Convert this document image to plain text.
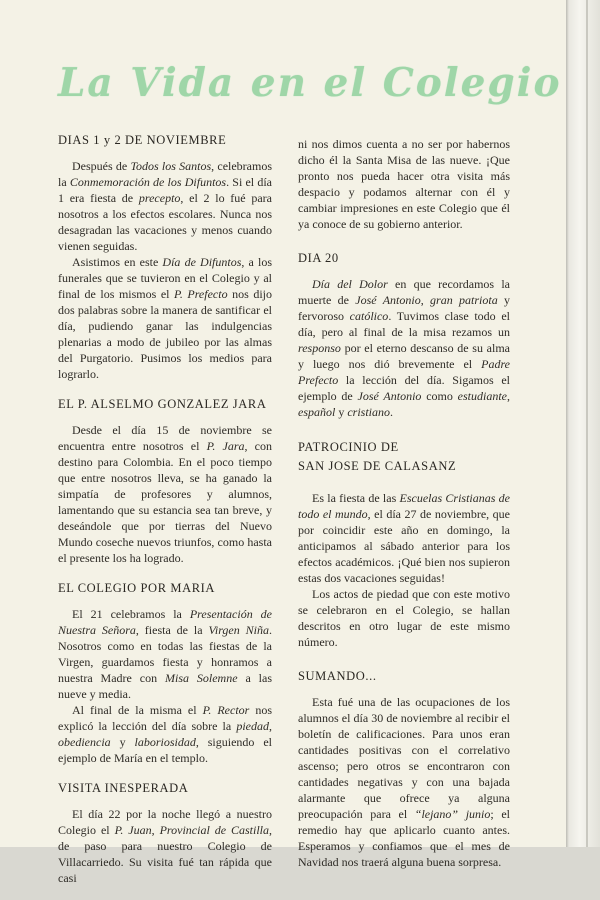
La Vida en el Colegio
DIAS 1 y 2 DE NOVIEMBRE

Después de Todos los Santos, celebramos la Conmemoración de los Difuntos. Si el día 1 era fiesta de precepto, el 2 lo fué para nosotros a los efectos escolares. Nunca nos desagradan las vacaciones y menos cuando vienen seguidas.

Asistimos en este Día de Difuntos, a los funerales que se tuvieron en el Colegio y al final de los mismos el P. Prefecto nos dijo dos palabras sobre la manera de santificar el día, pudiendo ganar las indulgencias plenarias a modo de jubileo por las almas del Purgatorio. Pusimos los medios para lograrlo.

EL P. ALSELMO GONZALEZ JARA

Desde el día 15 de noviembre se encuentra entre nosotros el P. Jara, con destino para Colombia. En el poco tiempo que entre nosotros lleva, se ha ganado la simpatía de profesores y alumnos, lamentando que su estancia sea tan breve, y deseándole que por tierras del Nuevo Mundo coseche nuevos triunfos, como hasta el presente los ha logrado.

EL COLEGIO POR MARIA

El 21 celebramos la Presentación de Nuestra Señora, fiesta de la Virgen Niña. Nosotros como en todas las fiestas de la Virgen, guardamos fiesta y honramos a nuestra Madre con Misa Solemne a las nueve y media.

Al final de la misma el P. Rector nos explicó la lección del día sobre la piedad, obediencia y laboriosidad, siguiendo el ejemplo de María en el templo.

VISITA INESPERADA

El día 22 por la noche llegó a nuestro Colegio el P. Juan, Provincial de Castilla, de paso para nuestro Colegio de Villacarriedo. Su visita fué tan rápida que casi

ni nos dimos cuenta a no ser por habernos dicho él la Santa Misa de las nueve. ¡Que pronto nos pueda hacer otra visita más despacio y podamos alternar con él y cambiar impresiones en este Colegio que él ya conoce de su gobierno anterior.

DIA 20

Día del Dolor en que recordamos la muerte de José Antonio, gran patriota y fervoroso católico. Tuvimos clase todo el día, pero al final de la misa rezamos un responso por el eterno descanso de su alma y luego nos dió brevemente el Padre Prefecto la lección del día. Sigamos el ejemplo de José Antonio como estudiante, español y cristiano.

PATROCINIO DE
SAN JOSE DE CALASANZ

Es la fiesta de las Escuelas Cristianas de todo el mundo, el día 27 de noviembre, que por coincidir este año en domingo, la anticipamos al sábado anterior para los efectos académicos. ¡Qué bien nos supieron estas dos vacaciones seguidas!

Los actos de piedad que con este motivo se celebraron en el Colegio, se hallan descritos en otro lugar de este mismo número.

SUMANDO...

Esta fué una de las ocupaciones de los alumnos el día 30 de noviembre al recibir el boletín de calificaciones. Para unos eran cantidades positivas con el correlativo ascenso; pero otros se encontraron con cantidades negativas y con una bajada alarmante que ofrece ya alguna preocupación para el “lejano” junio; el remedio hay que aplicarlo cuanto antes. Esperamos y confiamos que el mes de Navidad nos traerá alguna buena sorpresa.
